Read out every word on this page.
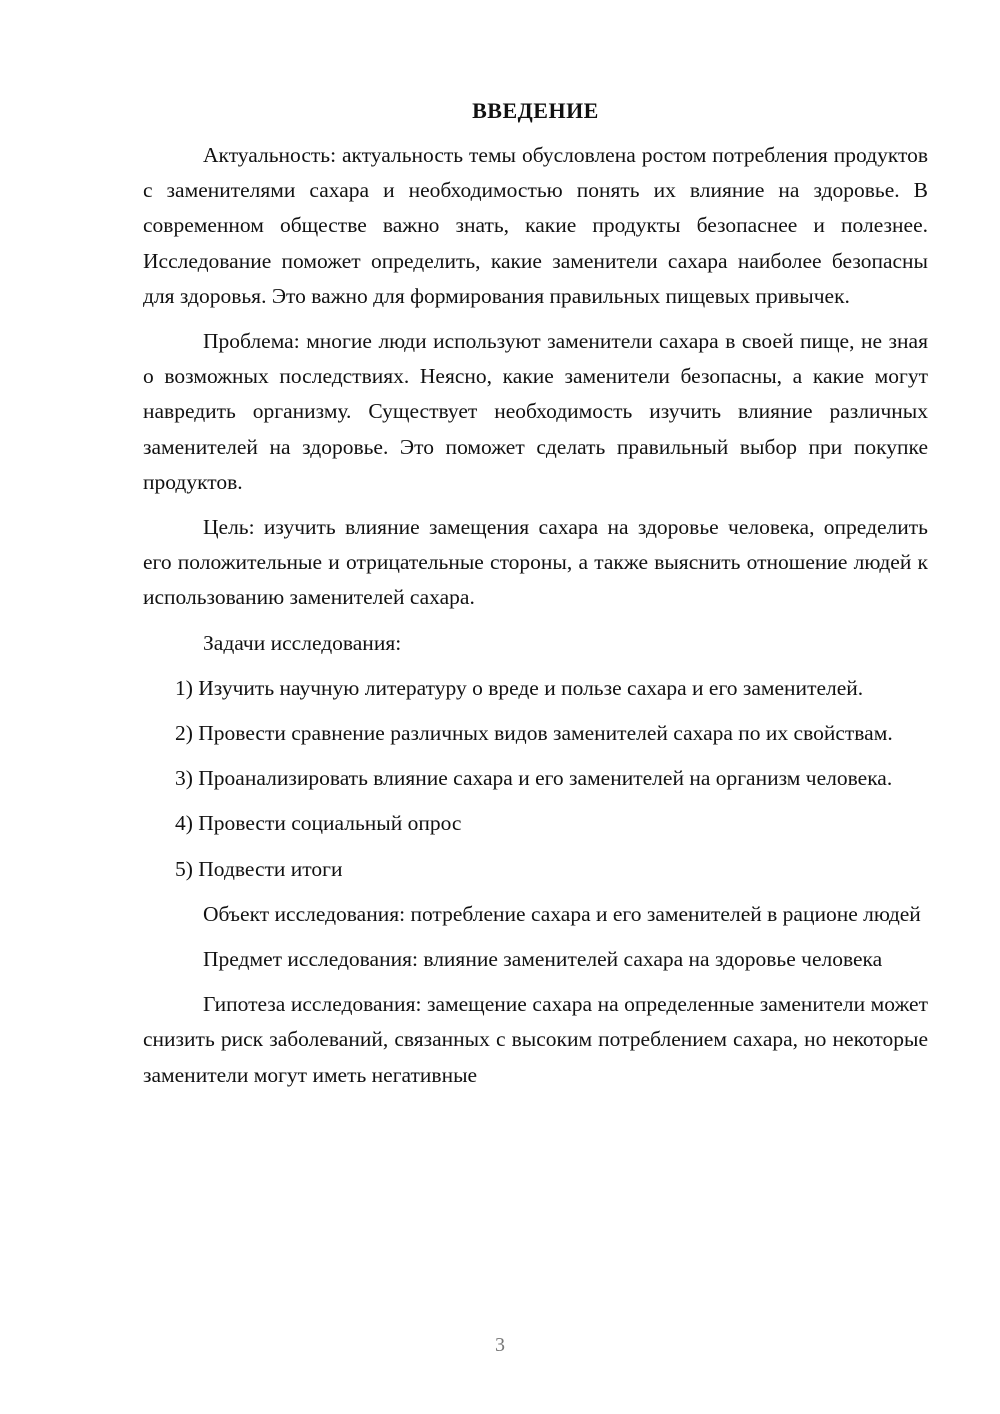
ВВЕДЕНИЕ

Актуальность: актуальность темы обусловлена ростом потребления продуктов с заменителями сахара и необходимостью понять их влияние на здоровье. В современном обществе важно знать, какие продукты безопаснее и полезнее. Исследование поможет определить, какие заменители сахара наиболее безопасны для здоровья. Это важно для формирования правильных пищевых привычек.

Проблема: многие люди используют заменители сахара в своей пище, не зная о возможных последствиях. Неясно, какие заменители безопасны, а какие могут навредить организму. Существует необходимость изучить влияние различных заменителей на здоровье. Это поможет сделать правильный выбор при покупке продуктов.

Цель: изучить влияние замещения сахара на здоровье человека, определить его положительные и отрицательные стороны, а также выяснить отношение людей к использованию заменителей сахара.

Задачи исследования:

1) Изучить научную литературу о вреде и пользе сахара и его заменителей.

2) Провести сравнение различных видов заменителей сахара по их свойствам.

3) Проанализировать влияние сахара и его заменителей на организм человека.

4) Провести социальный опрос

5) Подвести итоги

Объект исследования: потребление сахара и его заменителей в рационе людей

Предмет исследования: влияние заменителей сахара на здоровье человека

Гипотеза исследования: замещение сахара на определенные заменители может снизить риск заболеваний, связанных с высоким потреблением сахара, но некоторые заменители могут иметь негативные

3
